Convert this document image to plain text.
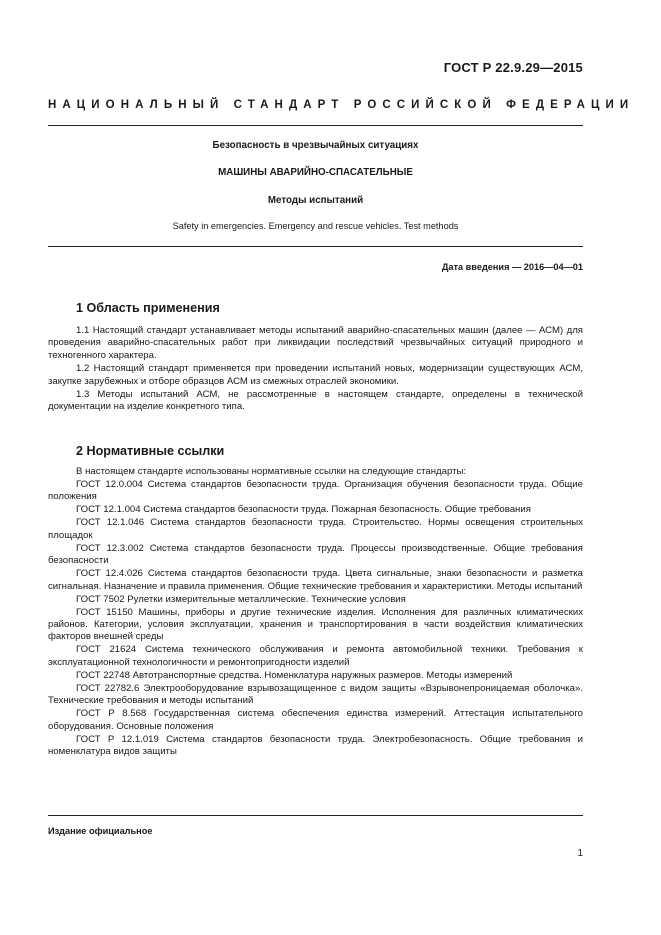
ГОСТ Р 22.9.29—2015
НАЦИОНАЛЬНЫЙ СТАНДАРТ РОССИЙСКОЙ ФЕДЕРАЦИИ
Безопасность в чрезвычайных ситуациях
МАШИНЫ АВАРИЙНО-СПАСАТЕЛЬНЫЕ
Методы испытаний
Safety in emergencies. Emergency and rescue vehicles. Test methods
Дата введения — 2016—04—01
1 Область применения

1.1 Настоящий стандарт устанавливает методы испытаний аварийно-спасательных машин (далее — АСМ) для проведения аварийно-спасательных работ при ликвидации последствий чрезвычайных ситуаций природного и техногенного характера.

1.2 Настоящий стандарт применяется при проведении испытаний новых, модернизации существующих АСМ, закупке зарубежных и отборе образцов АСМ из смежных отраслей экономики.

1.3 Методы испытаний АСМ, не рассмотренные в настоящем стандарте, определены в технической документации на изделие конкретного типа.

2 Нормативные ссылки

В настоящем стандарте использованы нормативные ссылки на следующие стандарты:

ГОСТ 12.0.004 Система стандартов безопасности труда. Организация обучения безопасности труда. Общие положения

ГОСТ 12.1.004 Система стандартов безопасности труда. Пожарная безопасность. Общие требования

ГОСТ 12.1.046 Система стандартов безопасности труда. Строительство. Нормы освещения строительных площадок

ГОСТ 12.3.002 Система стандартов безопасности труда. Процессы производственные. Общие требования безопасности

ГОСТ 12.4.026 Система стандартов безопасности труда. Цвета сигнальные, знаки безопасности и разметка сигнальная. Назначение и правила применения. Общие технические требования и характеристики. Методы испытаний

ГОСТ 7502 Рулетки измерительные металлические. Технические условия

ГОСТ 15150 Машины, приборы и другие технические изделия. Исполнения для различных климатических районов. Категории, условия эксплуатации, хранения и транспортирования в части воздействия климатических факторов внешней среды

ГОСТ 21624 Система технического обслуживания и ремонта автомобильной техники. Требования к эксплуатационной технологичности и ремонтопригодности изделий

ГОСТ 22748 Автотранспортные средства. Номенклатура наружных размеров. Методы измерений

ГОСТ 22782.6 Электрооборудование взрывозащищенное с видом защиты «Взрывонепроницаемая оболочка». Технические требования и методы испытаний

ГОСТ Р 8.568 Государственная система обеспечения единства измерений. Аттестация испытательного оборудования. Основные положения

ГОСТ Р 12.1.019 Система стандартов безопасности труда. Электробезопасность. Общие требования и номенклатура видов защиты

Издание официальное
1
